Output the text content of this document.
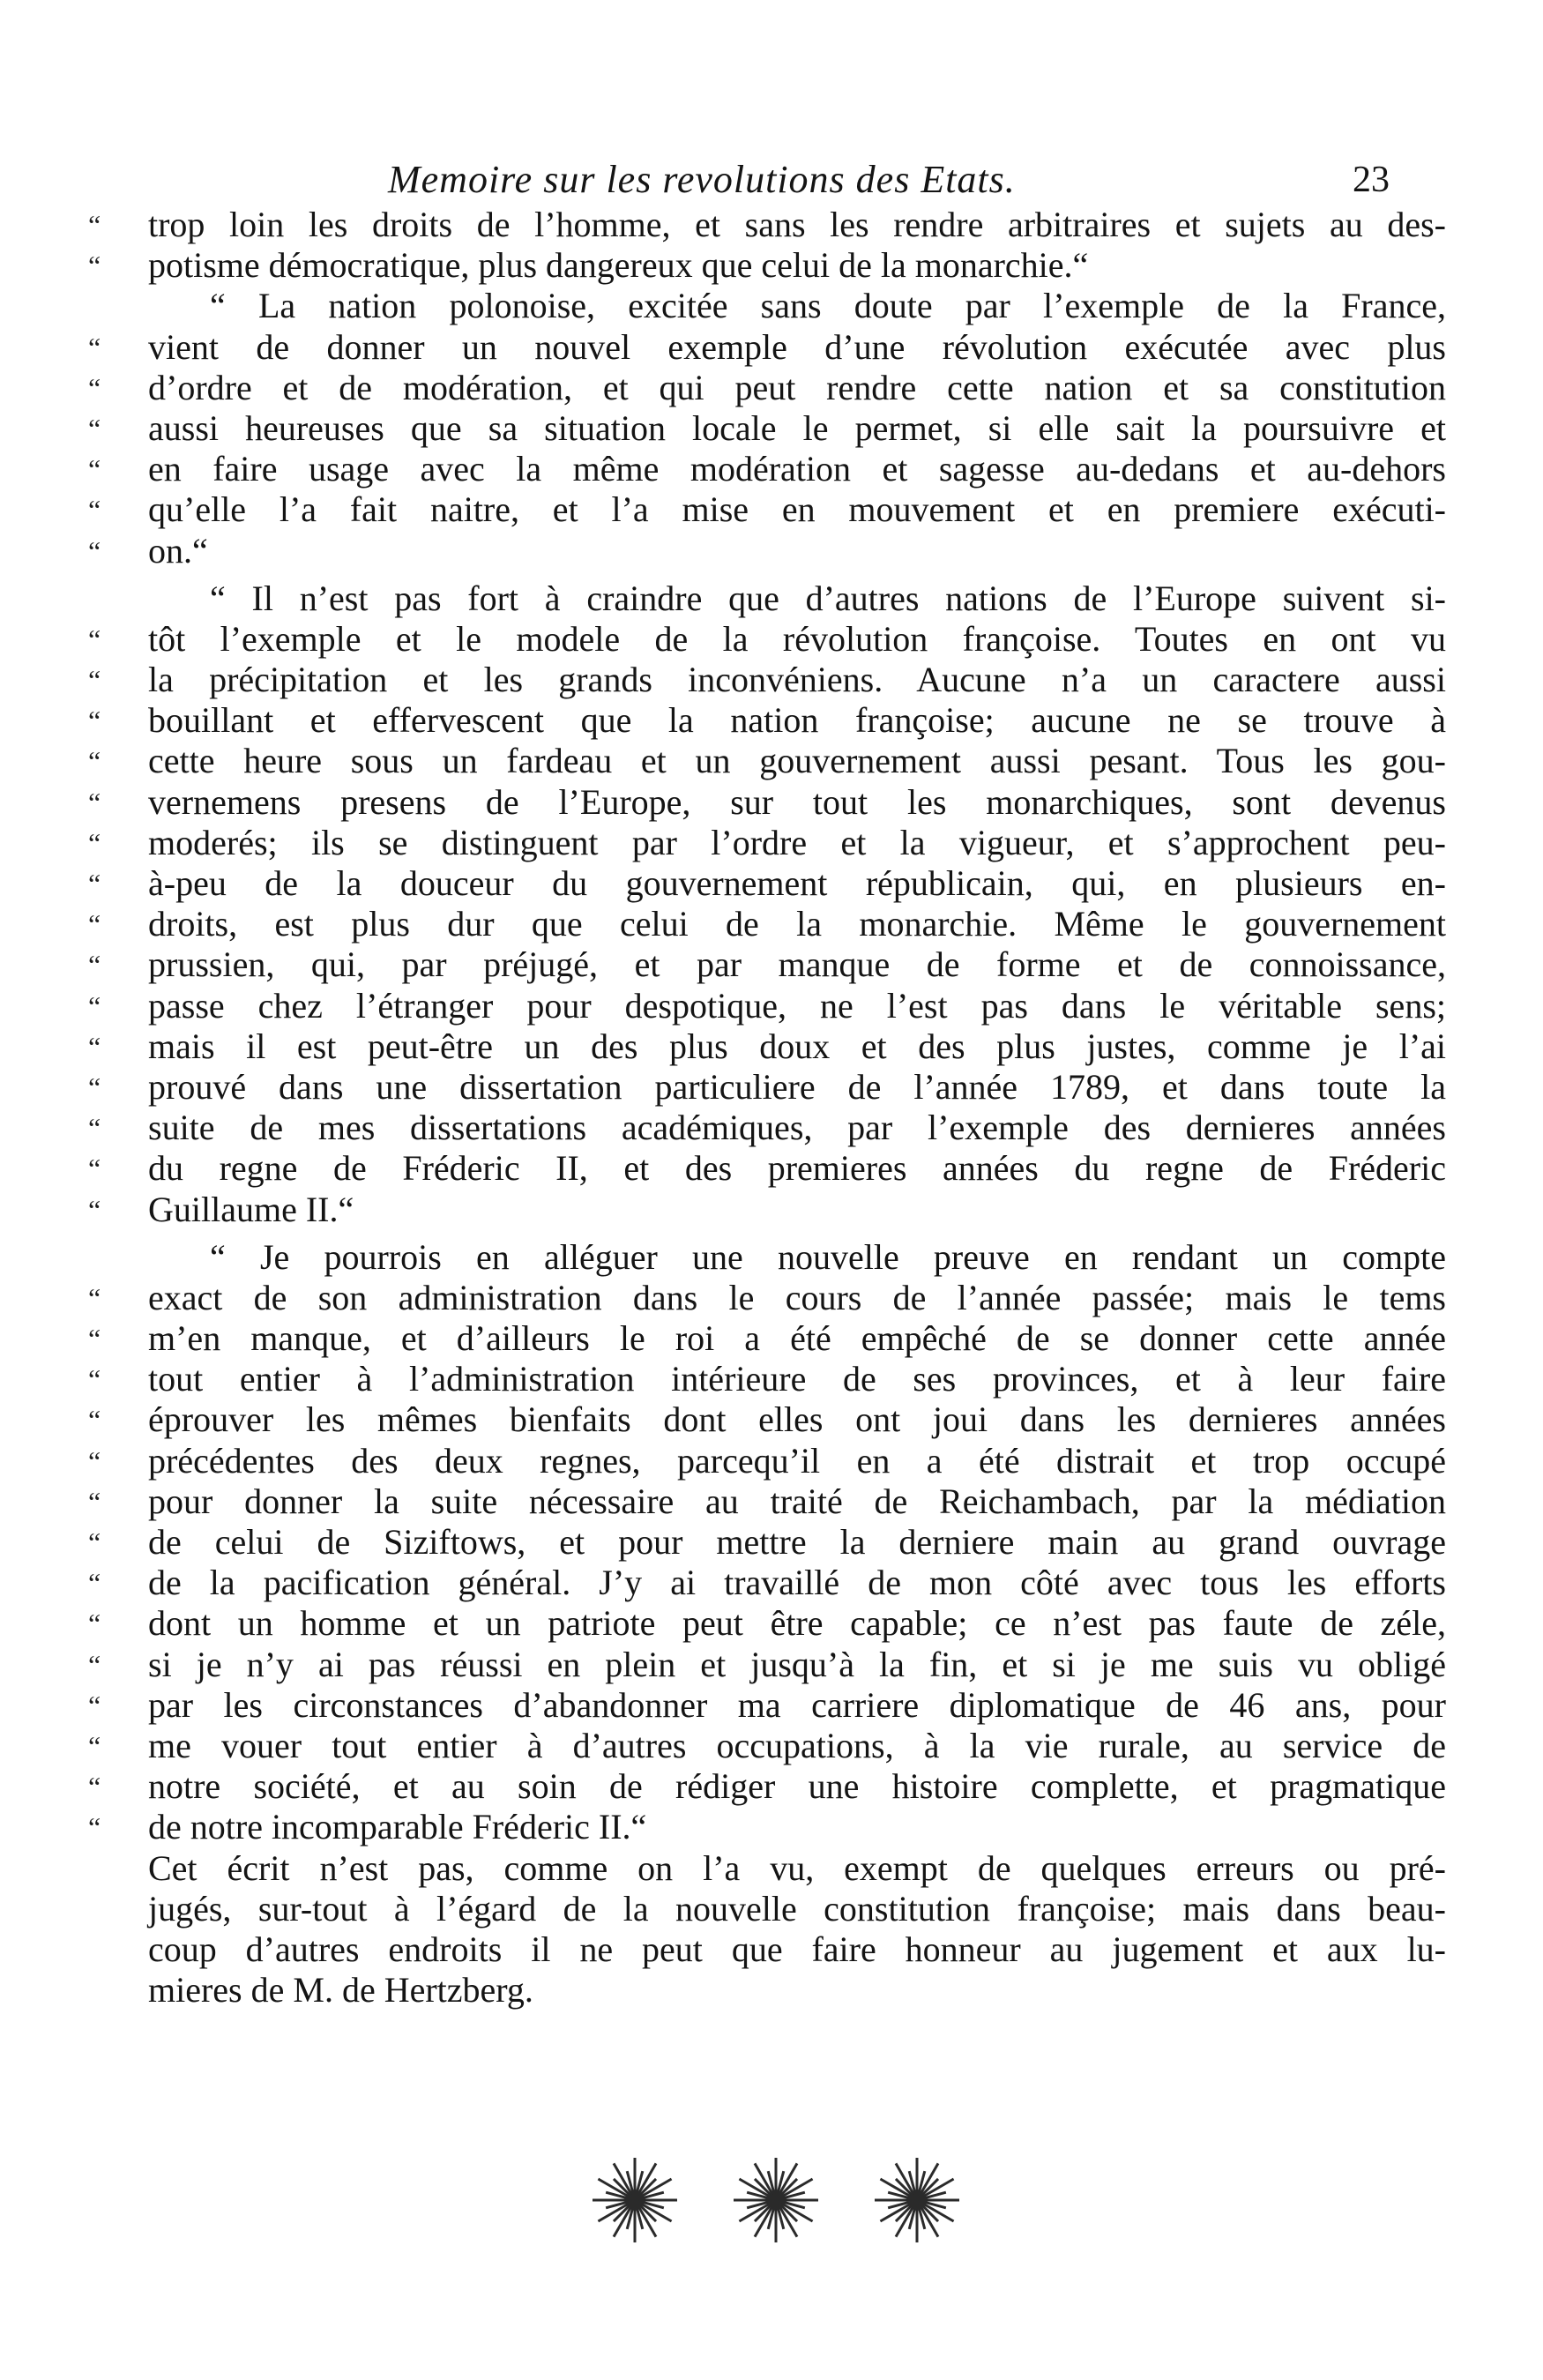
Memoire sur les revolutions des Etats.	23
“	trop loin les droits de l’homme, et sans les rendre arbitraires et sujets au des-
“	potisme démocratique, plus dangereux que celui de la monarchie.“
“ La nation polonoise, excitée sans doute par l’exemple de la France,
“	vient de donner un nouvel exemple d’une révolution exécutée avec plus
“	d’ordre et de modération, et qui peut rendre cette nation et sa constitution
“	aussi heureuses que sa situation locale le permet, si elle sait la poursuivre et
“	en faire usage avec la même modération et sagesse au-dedans et au-dehors
“	qu’elle l’a fait naitre, et l’a mise en mouvement et en premiere exécuti-
“	on.“
“ Il n’est pas fort à craindre que d’autres nations de l’Europe suivent si-
“	tôt l’exemple et le modele de la révolution françoise. Toutes en ont vu
“	la précipitation et les grands inconvéniens. Aucune n’a un caractere aussi
“	bouillant et effervescent que la nation françoise; aucune ne se trouve à
“	cette heure sous un fardeau et un gouvernement aussi pesant. Tous les gou-
“	vernemens presens de l’Europe, sur tout les monarchiques, sont devenus
“	moderés; ils se distinguent par l’ordre et la vigueur, et s’approchent peu-
“	à-peu de la douceur du gouvernement républicain, qui, en plusieurs en-
“	droits, est plus dur que celui de la monarchie. Même le gouvernement
“	prussien, qui, par préjugé, et par manque de forme et de connoissance,
“	passe chez l’étranger pour despotique, ne l’est pas dans le véritable sens;
“	mais il est peut-être un des plus doux et des plus justes, comme je l’ai
“	prouvé dans une dissertation particuliere de l’année 1789, et dans toute la
“	suite de mes dissertations académiques, par l’exemple des dernieres années
“	du regne de Fréderic II, et des premieres années du regne de Fréderic
“	Guillaume II.“
“ Je pourrois en alléguer une nouvelle preuve en rendant un compte
“	exact de son administration dans le cours de l’année passée; mais le tems
“	m’en manque, et d’ailleurs le roi a été empêché de se donner cette année
“	tout entier à l’administration intérieure de ses provinces, et à leur faire
“	éprouver les mêmes bienfaits dont elles ont joui dans les dernieres années
“	précédentes des deux regnes, parcequ’il en a été distrait et trop occupé
“	pour donner la suite nécessaire au traité de Reichambach, par la médiation
“	de celui de Siziftows, et pour mettre la derniere main au grand ouvrage
“	de la pacification général. J’y ai travaillé de mon côté avec tous les efforts
“	dont un homme et un patriote peut être capable; ce n’est pas faute de zéle,
“	si je n’y ai pas réussi en plein et jusqu’à la fin, et si je me suis vu obligé
“	par les circonstances d’abandonner ma carriere diplomatique de 46 ans, pour
“	me vouer tout entier à d’autres occupations, à la vie rurale, au service de
“	notre société, et au soin de rédiger une histoire complette, et pragmatique
“	de notre incomparable Fréderic II.“
Cet écrit n’est pas, comme on l’a vu, exempt de quelques erreurs ou pré-
jugés, sur-tout à l’égard de la nouvelle constitution françoise; mais dans beau-
coup d’autres endroits il ne peut que faire honneur au jugement et aux lu-
mieres de M. de Hertzberg.
